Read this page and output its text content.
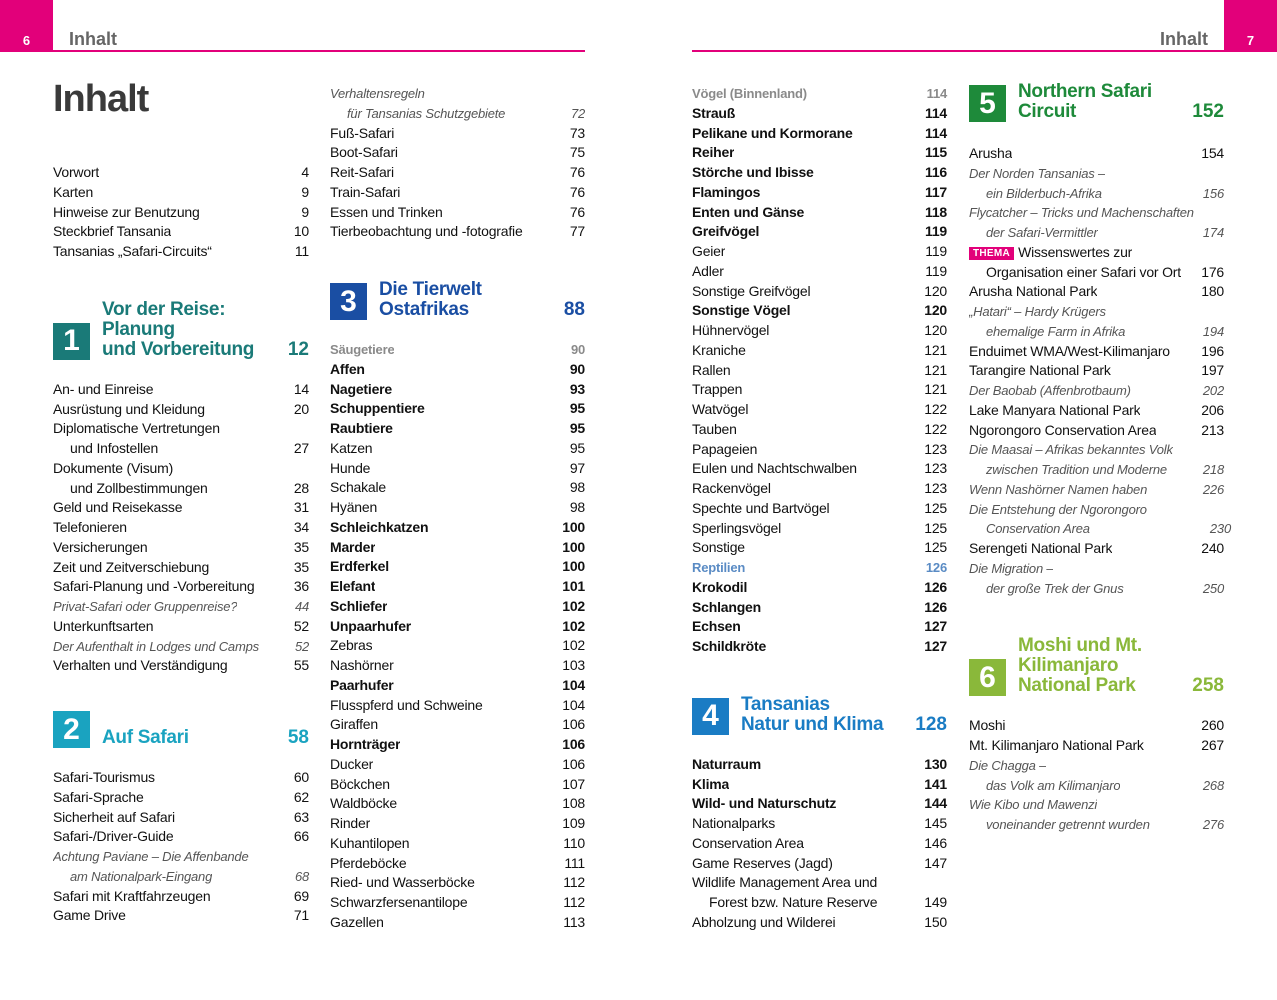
6	Inhalt
Inhalt
Vorwort	4
Karten	9
Hinweise zur Benutzung	9
Steckbrief Tansania	10
Tansanias „Safari-Circuits“	11
1
Vor der Reise: Planung
und Vorbereitung	12
An- und Einreise	14
Ausrüstung und Kleidung	20
Diplomatische Vertretungen
und Infostellen	27
Dokumente (Visum)
und Zollbestimmungen	28
Geld und Reisekasse	31
Telefonieren	34
Versicherungen	35
Zeit und Zeitverschiebung	35
Safari-Planung und -Vorbereitung	36
Privat-Safari oder Gruppenreise?	44
Unterkunftsarten	52
Der Aufenthalt in Lodges und Camps	52
Verhalten und Verständigung	55
2	Auf Safari	58
Safari-Tourismus	60
Safari-Sprache	62
Sicherheit auf Safari	63
Safari-/Driver-Guide	66
Achtung Paviane – Die Affenbande
am Nationalpark-Eingang	68
Safari mit Kraftfahrzeugen	69
Game Drive	71
Verhaltensregeln
für Tansanias Schutzgebiete	72
Fuß-Safari	73
Boot-Safari	75
Reit-Safari	76
Train-Safari	76
Essen und Trinken	76
Tierbeobachtung und -fotografie	77
3	Die Tierwelt
Ostafrikas	88
Säugetiere	90
Affen	90
Nagetiere	93
Schuppentiere	95
Raubtiere	95
Katzen	95
Hunde	97
Schakale	98
Hyänen	98
Schleichkatzen	100
Marder	100
Erdferkel	100
Elefant	101
Schliefer	102
Unpaarhufer	102
Zebras	102
Nashörner	103
Paarhufer	104
Flusspferd und Schweine	104
Giraffen	106
Hornträger	106
Ducker	106
Böckchen	107
Waldböcke	108
Rinder	109
Kuhantilopen	110
Pferdeböcke	111
Ried- und Wasserböcke	112
Schwarzfersenantilope	112
Gazellen	113
7
Inhalt
Vögel (Binnenland)	114
Strauß	114
Pelikane und Kormorane	114
Reiher	115
Störche und Ibisse	116
Flamingos	117
Enten und Gänse	118
Greifvögel	119
Geier	119
Adler	119
Sonstige Greifvögel	120
Sonstige Vögel	120
Hühnervögel	120
Kraniche	121
Rallen	121
Trappen	121
Watvögel	122
Tauben	122
Papageien	123
Eulen und Nachtschwalben	123
Rackenvögel	123
Spechte und Bartvögel	125
Sperlingsvögel	125
Sonstige	125
Reptilien	126
Krokodil	126
Schlangen	126
Echsen	127
Schildkröte	127
4	Tansanias
Natur und Klima	128
Naturraum	130
Klima	141
Wild- und Naturschutz	144
Nationalparks	145
Conservation Area	146
Game Reserves (Jagd)	147
Wildlife Management Area und
Forest bzw. Nature Reserve	149
Abholzung und Wilderei	150
5	Northern Safari
Circuit	152
Arusha	154
Der Norden Tansanias –
ein Bilderbuch-Afrika	156
Flycatcher – Tricks und Machenschaften
der Safari-Vermittler	174
THEMA Wissenswertes zur
Organisation einer Safari vor Ort 176
Arusha National Park	180
„Hatari“ – Hardy Krügers
ehemalige Farm in Afrika	194
Enduimet WMA/West-Kilimanjaro 196
Tarangire National Park	197
Der Baobab (Affenbrotbaum)	202
Lake Manyara National Park	206
Ngorongoro Conservation Area	213
Die Maasai – Afrikas bekanntes Volk
zwischen Tradition und Moderne	218
Wenn Nashörner Namen haben	226
Die Entstehung der Ngorongoro
Conservation Area	230
Serengeti National Park	240
Die Migration –
der große Trek der Gnus	250
6
Moshi und Mt.
Kilimanjaro
National Park	258
Moshi	260
Mt. Kilimanjaro National Park	267
Die Chagga –
das Volk am Kilimanjaro	268
Wie Kibo und Mawenzi
voneinander getrennt wurden	276
